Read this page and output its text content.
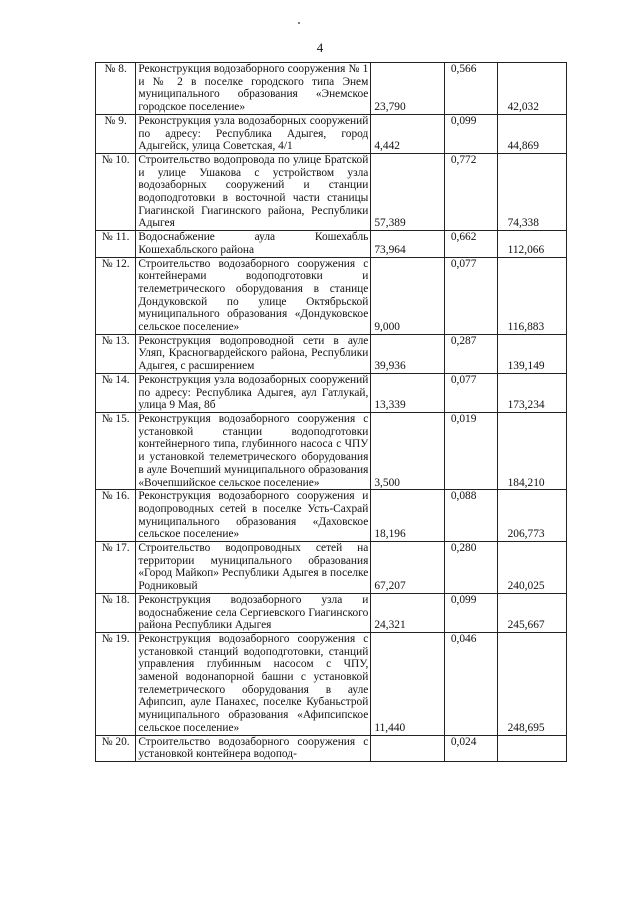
4
№ 8.	Реконструкция водозаборного сооружения № 1 и № 2 в поселке городского типа Энем муниципального образования «Энемское городское поселение»	23,790	0,566	42,032

№ 9.	Реконструкция узла водозаборных сооружений по адресу: Республика Адыгея, город Адыгейск, улица Советская, 4/1	4,442	0,099	44,869

№ 10.	Строительство водопровода по улице Братской и улице Ушакова с устройством узла водозаборных сооружений и станции водоподготовки в восточной части станицы Гиагинской Гиагинского района, Республики Адыгея	57,389	0,772	74,338

№ 11.	Водоснабжение аула Кошехабль Кошехабльского района	73,964	0,662	112,066

№ 12.	Строительство водозаборного сооружения с контейнерами водоподготовки и телеметрического оборудования в станице Дондуковской по улице Октябрьской муниципального образования «Дондуковское сельское поселение»	9,000	0,077	116,883

№ 13.	Реконструкция водопроводной сети в ауле Уляп, Красногвардейского района, Республики Адыгея, с расширением	39,936	0,287	139,149

№ 14.	Реконструкция узла водозаборных сооружений по адресу: Республика Адыгея, аул Гатлукай, улица 9 Мая, 8б	13,339	0,077	173,234

№ 15.	Реконструкция водозаборного сооружения с установкой станции водоподготовки контейнерного типа, глубинного насоса с ЧПУ и установкой телеметрического оборудования в ауле Вочепший муниципального образования «Вочепшийское сельское поселение»	3,500	0,019	184,210

№ 16.	Реконструкция водозаборного сооружения и водопроводных сетей в поселке Усть-Сахрай муниципального образования «Даховское сельское поселение»	18,196	0,088	206,773

№ 17.	Строительство водопроводных сетей на территории муниципального образования «Город Майкоп» Республики Адыгея в поселке Родниковый	67,207	0,280	240,025

№ 18.	Реконструкция водозаборного узла и водоснабжение села Сергиевского Гиагинского района Республики Адыгея	24,321	0,099	245,667

№ 19.	Реконструкция водозаборного сооружения с установкой станций водоподготовки, станций управления глубинным насосом с ЧПУ, заменой водонапорной башни с установкой телеметрического оборудования в ауле Афипсип, ауле Панахес, поселке Кубаньстрой муниципального образования «Афипсипское сельское поселение»	11,440	0,046	248,695

№ 20.	Строительство водозаборного сооружения с установкой контейнера водопод-		0,024	
